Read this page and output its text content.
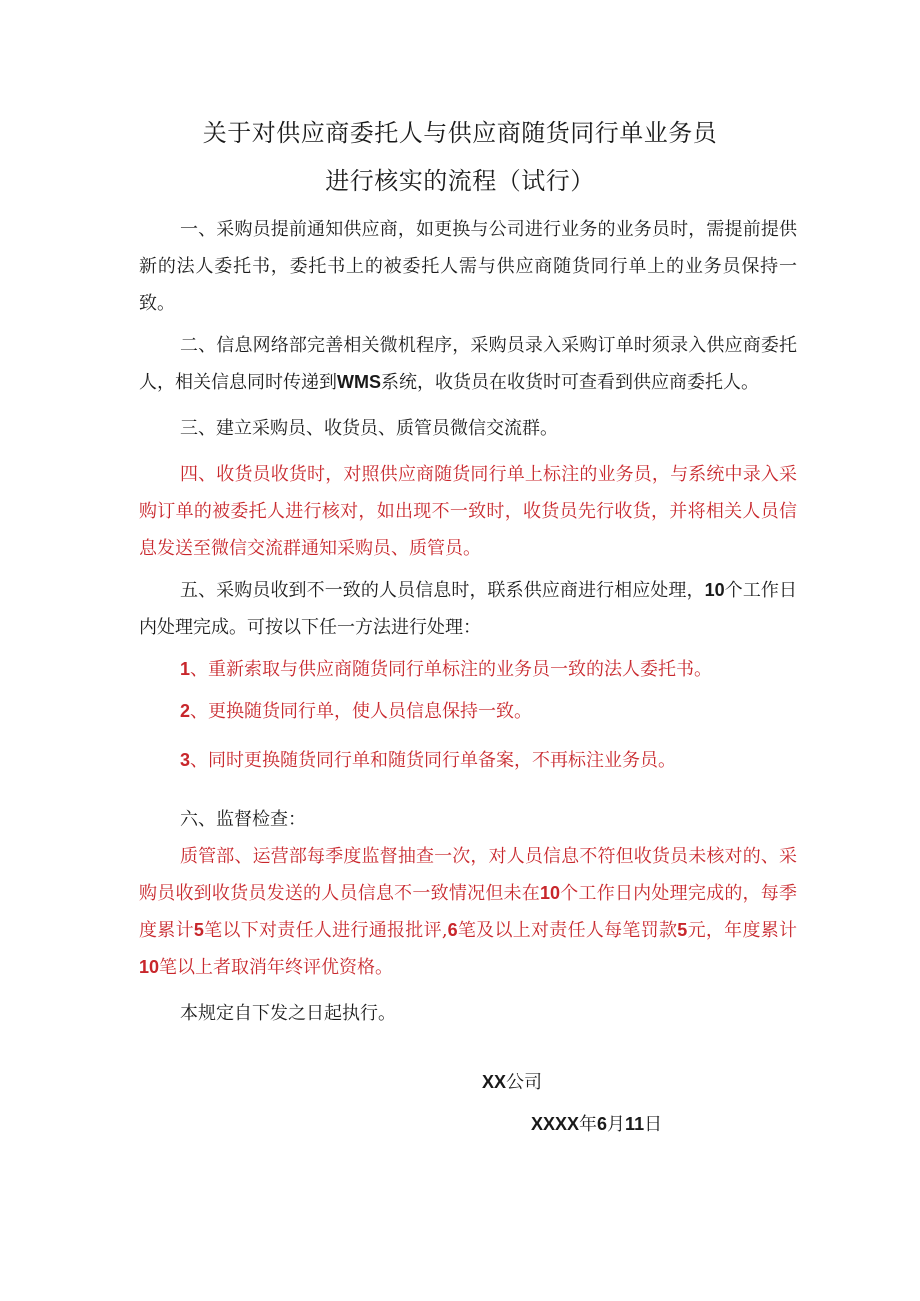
关于对供应商委托人与供应商随货同行单业务员
进行核实的流程（试行）

一、采购员提前通知供应商，如更换与公司进行业务的业务员时，需提前提供新的法人委托书，委托书上的被委托人需与供应商随货同行单上的业务员保持一致。

二、信息网络部完善相关微机程序，采购员录入采购订单时须录入供应商委托人，相关信息同时传递到WMS系统，收货员在收货时可查看到供应商委托人。

三、建立采购员、收货员、质管员微信交流群。

四、收货员收货时，对照供应商随货同行单上标注的业务员，与系统中录入采购订单的被委托人进行核对，如出现不一致时，收货员先行收货，并将相关人员信息发送至微信交流群通知采购员、质管员。

五、采购员收到不一致的人员信息时，联系供应商进行相应处理，10个工作日内处理完成。可按以下任一方法进行处理：

1、重新索取与供应商随货同行单标注的业务员一致的法人委托书。

2、更换随货同行单，使人员信息保持一致。

3、同时更换随货同行单和随货同行单备案，不再标注业务员。

六、监督检查：

质管部、运营部每季度监督抽查一次，对人员信息不符但收货员未核对的、采购员收到收货员发送的人员信息不一致情况但未在10个工作日内处理完成的，每季度累计5笔以下对责任人进行通报批评,6笔及以上对责任人每笔罚款5元，年度累计10笔以上者取消年终评优资格。

本规定自下发之日起执行。

XX公司
XXXX年6月11日
